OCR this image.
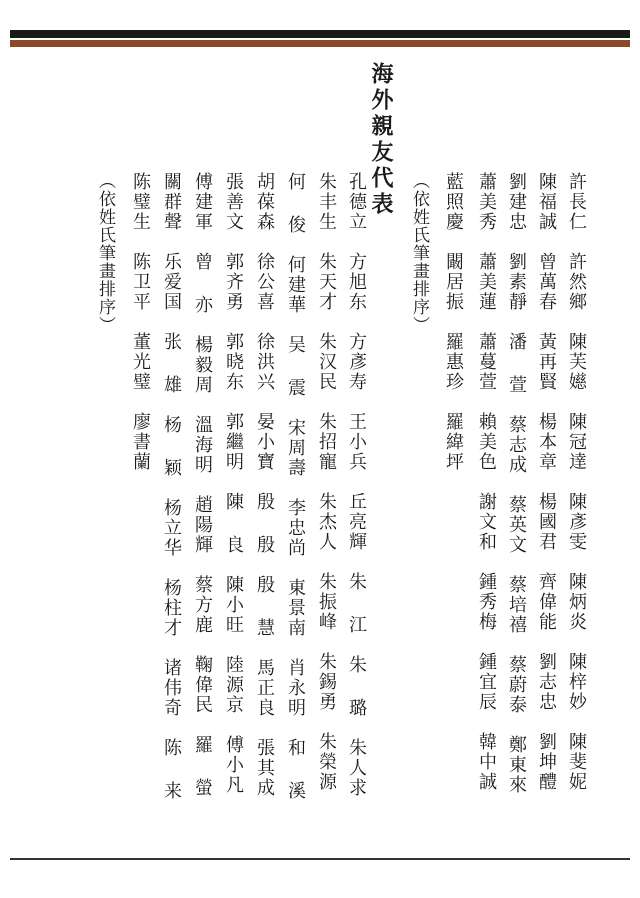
海外親友代表	許長仁　許然鄉　陳芙嬨　陳冠達　陳彥雯　陳炳炎　陳梓妙　陳斐妮
陳福誠　曾萬春　黃再賢　楊本章　楊國君　齊偉能　劉志忠　劉坤醴
劉建忠　劉素靜　潘 萱　蔡志成　蔡英文　蔡培禧　蔡蔚泰　鄭東來
蕭美秀　蕭美蓮　蕭蔓萱　賴美色　謝文和　鍾秀梅　鍾宜辰　韓中誠
藍照慶　闞居振　羅惠珍　羅緯坪
（依姓氏筆畫排序）
孔德立　方旭东　方彥寿　王小兵　丘亮輝　朱 江　朱 璐　朱人求
朱丰生　朱天才　朱汉民　朱招寵　朱杰人　朱振峰　朱錫勇　朱榮源
何 俊　何建華　吴 震　宋周壽　李忠尚　東景南　肖永明　和 溪
胡葆森　徐公喜　徐洪兴　晏小寶　殷 殷　殷 慧　馬正良　張其成
張善文　郭齐勇　郭晓东　郭繼明　陳 良　陳小旺　陸源京　傅小凡
傅建軍　曾 亦　楊毅周　溫海明　趙陽輝　蔡方鹿　鞠偉民　羅 螢
關群聲　乐爱国　张 雄　杨 颖　杨立华　杨柱才　诸伟奇　陈 来
陈璧生　陈卫平　董光璧　廖書蘭
（依姓氏筆畫排序）
